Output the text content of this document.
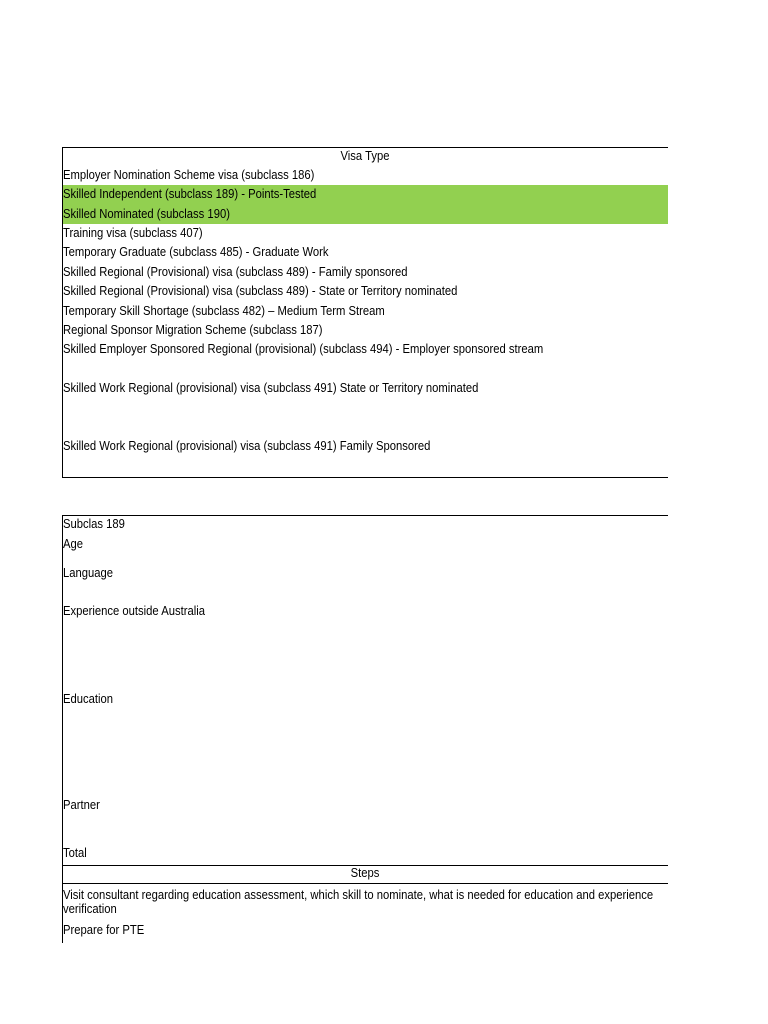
Visa Type
Employer Nomination Scheme visa (subclass 186)
Skilled Independent (subclass 189) - Points-Tested
Skilled Nominated (subclass 190)
Training visa (subclass 407)
Temporary Graduate (subclass 485) - Graduate Work
Skilled Regional (Provisional) visa (subclass 489) - Family sponsored
Skilled Regional (Provisional) visa (subclass 489) - State or Territory nominated
Temporary Skill Shortage (subclass 482) – Medium Term Stream
Regional Sponsor Migration Scheme (subclass 187)
Skilled Employer Sponsored Regional (provisional) (subclass 494) - Employer sponsored stream
Skilled Work Regional (provisional) visa (subclass 491) State or Territory nominated
Skilled Work Regional (provisional) visa (subclass 491) Family Sponsored
Subclas 189
Age
Language
Experience outside Australia
Education
Partner
Total
Steps
Visit consultant regarding education assessment, which skill to nominate, what is needed for education and experience verification
Prepare for PTE
